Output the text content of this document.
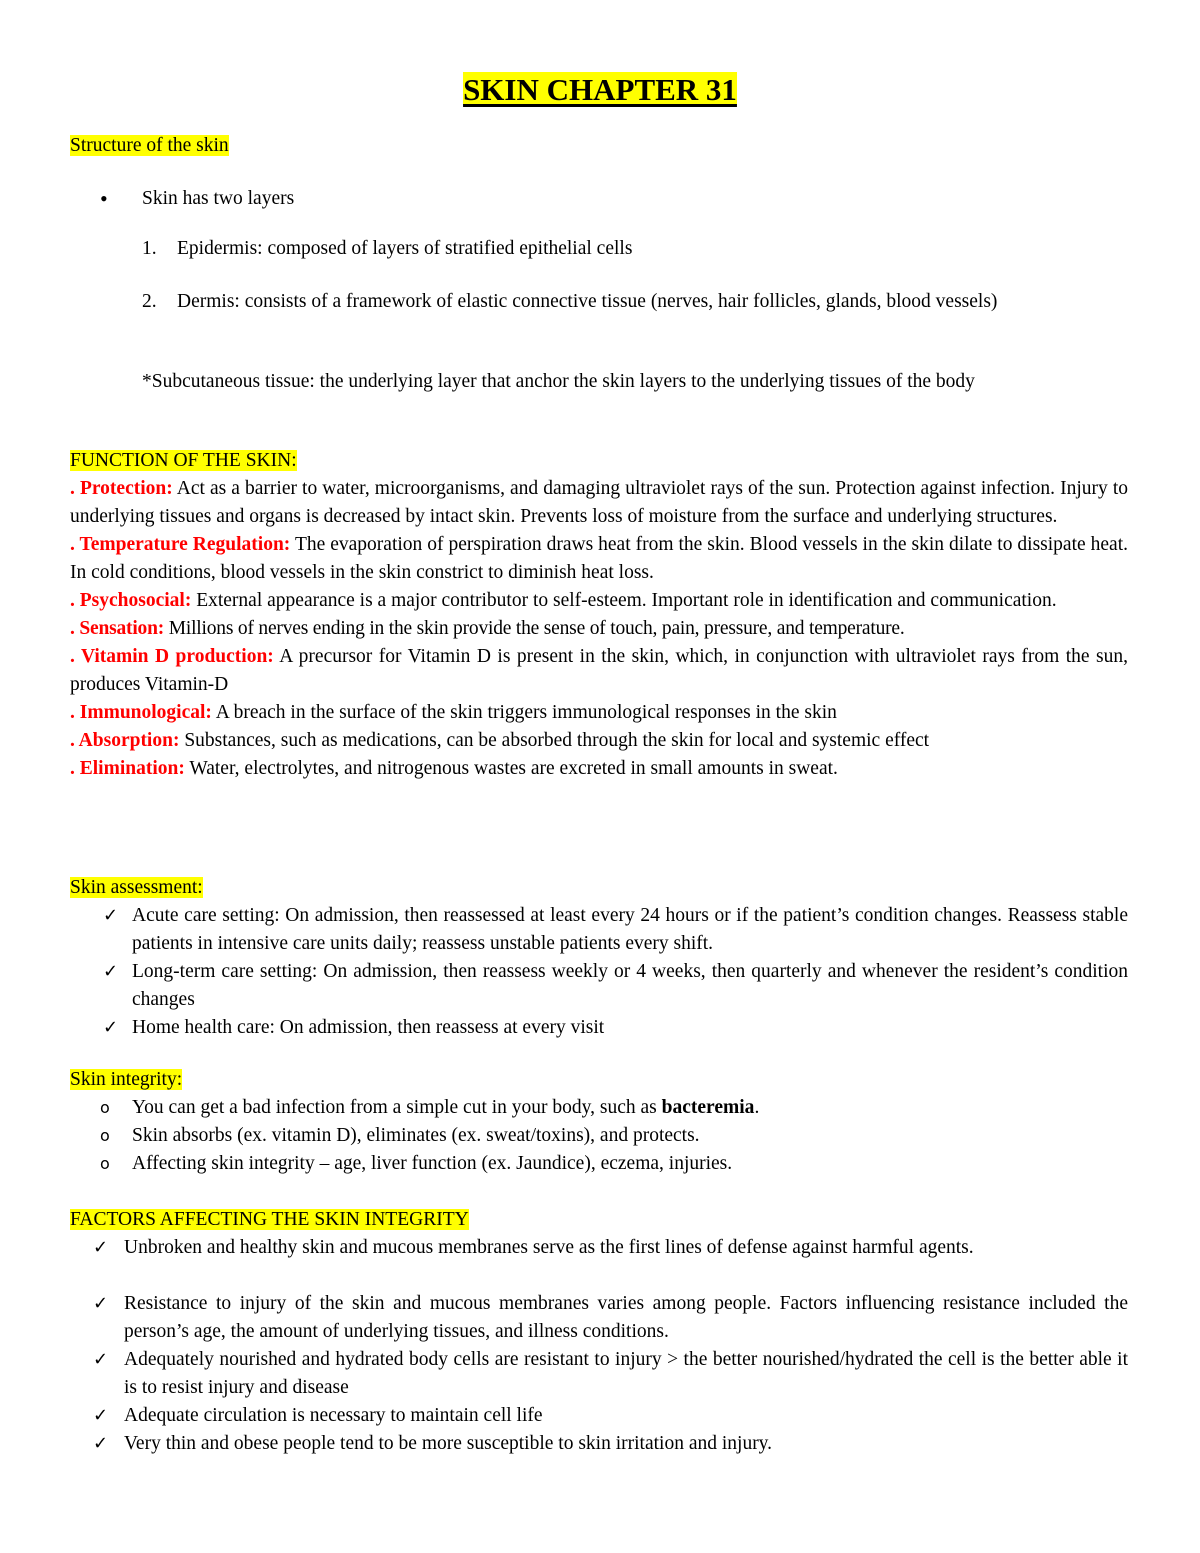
SKIN CHAPTER 31
Structure of the skin
• Skin has two layers
1. Epidermis: composed of layers of stratified epithelial cells
2. Dermis: consists of a framework of elastic connective tissue (nerves, hair follicles, glands, blood vessels)
*Subcutaneous tissue: the underlying layer that anchor the skin layers to the underlying tissues of the body
FUNCTION OF THE SKIN:
. Protection: Act as a barrier to water, microorganisms, and damaging ultraviolet rays of the sun. Protection against infection. Injury to underlying tissues and organs is decreased by intact skin. Prevents loss of moisture from the surface and underlying structures.
. Temperature Regulation: The evaporation of perspiration draws heat from the skin. Blood vessels in the skin dilate to dissipate heat. In cold conditions, blood vessels in the skin constrict to diminish heat loss.
. Psychosocial: External appearance is a major contributor to self-esteem. Important role in identification and communication.
. Sensation: Millions of nerves ending in the skin provide the sense of touch, pain, pressure, and temperature.
. Vitamin D production: A precursor for Vitamin D is present in the skin, which, in conjunction with ultraviolet rays from the sun, produces Vitamin-D
. Immunological: A breach in the surface of the skin triggers immunological responses in the skin
. Absorption: Substances, such as medications, can be absorbed through the skin for local and systemic effect
. Elimination: Water, electrolytes, and nitrogenous wastes are excreted in small amounts in sweat.
Skin assessment:
✓ Acute care setting: On admission, then reassessed at least every 24 hours or if the patient’s condition changes. Reassess stable patients in intensive care units daily; reassess unstable patients every shift.
✓ Long-term care setting: On admission, then reassess weekly or 4 weeks, then quarterly and whenever the resident’s condition changes
✓ Home health care: On admission, then reassess at every visit
Skin integrity:
o You can get a bad infection from a simple cut in your body, such as bacteremia.
o Skin absorbs (ex. vitamin D), eliminates (ex. sweat/toxins), and protects.
o Affecting skin integrity – age, liver function (ex. Jaundice), eczema, injuries.
FACTORS AFFECTING THE SKIN INTEGRITY
✓ Unbroken and healthy skin and mucous membranes serve as the first lines of defense against harmful agents.
✓ Resistance to injury of the skin and mucous membranes varies among people. Factors influencing resistance included the person’s age, the amount of underlying tissues, and illness conditions.
✓ Adequately nourished and hydrated body cells are resistant to injury > the better nourished/hydrated the cell is the better able it is to resist injury and disease
✓ Adequate circulation is necessary to maintain cell life
✓ Very thin and obese people tend to be more susceptible to skin irritation and injury.
